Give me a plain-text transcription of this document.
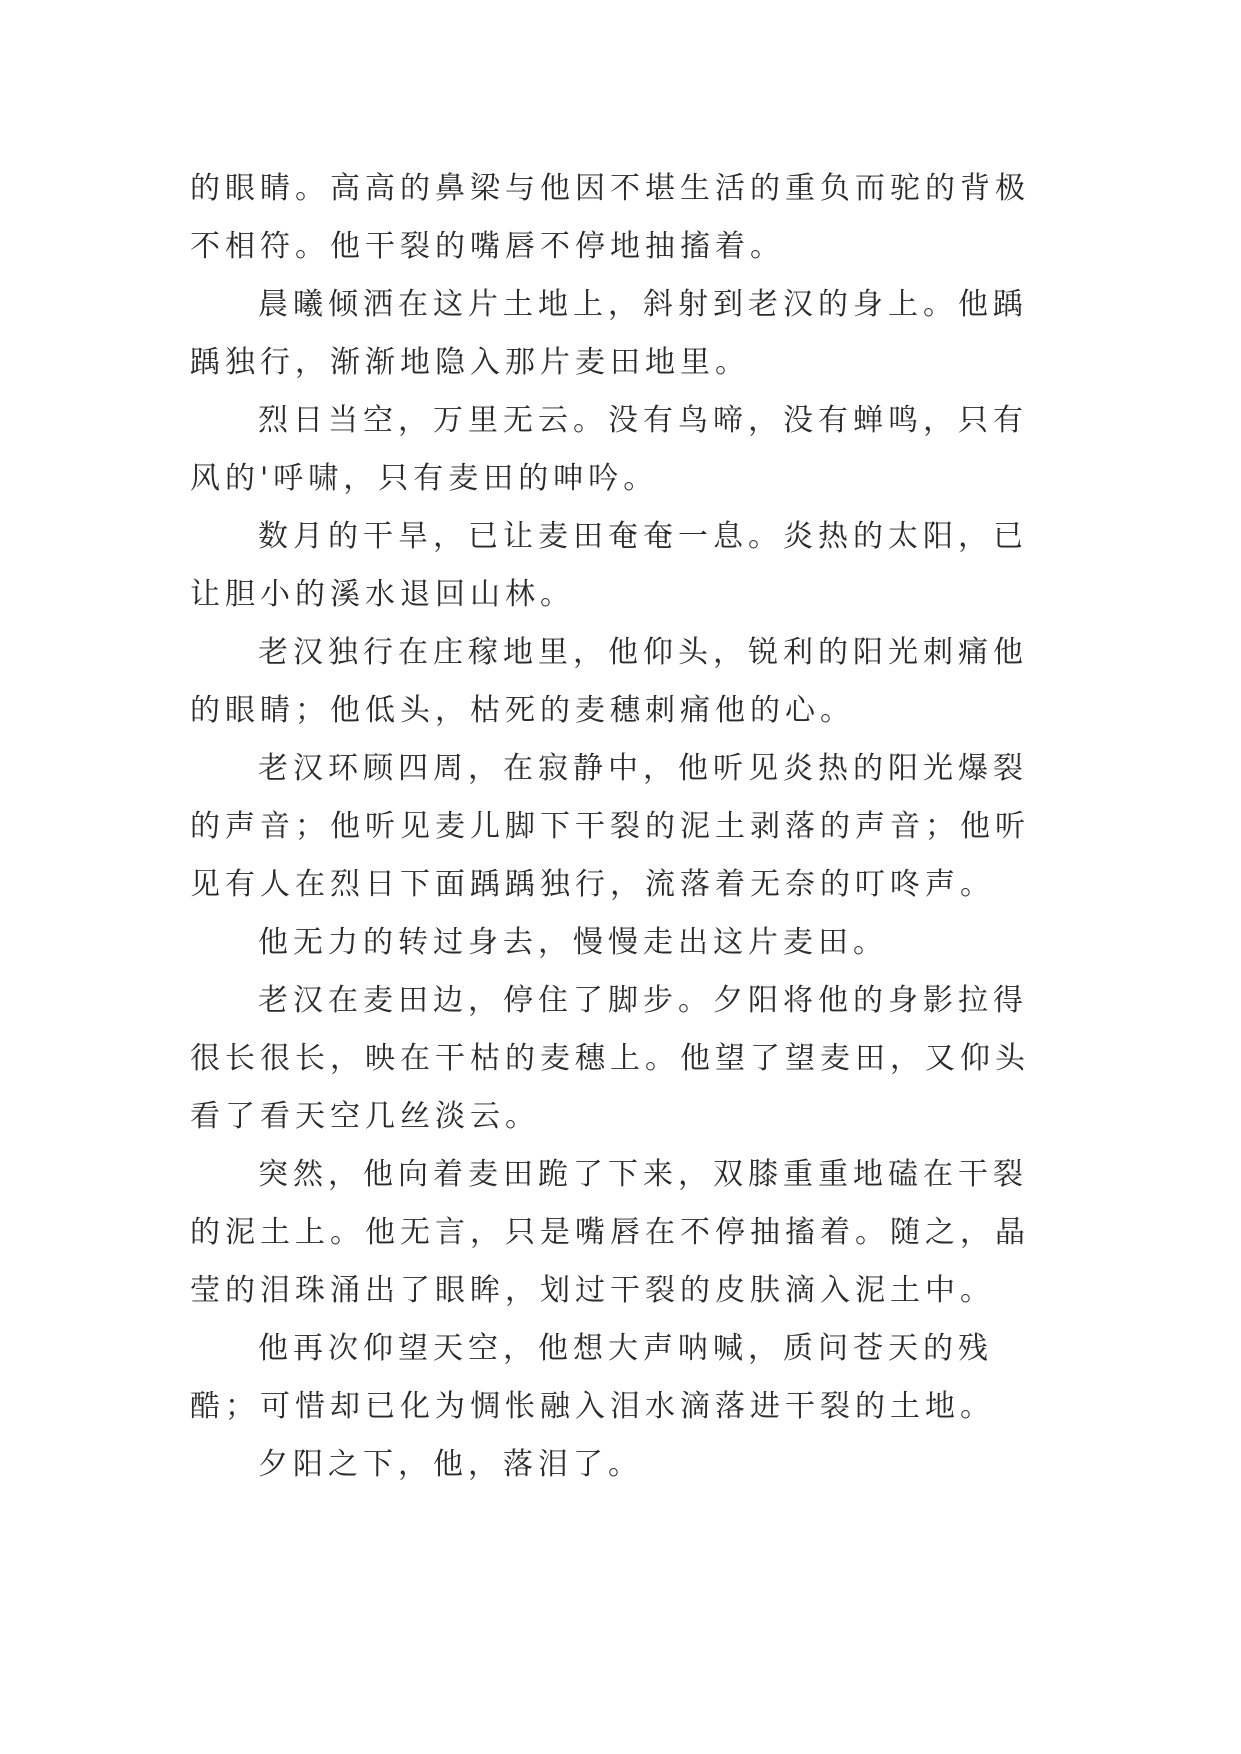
的眼睛。高高的鼻梁与他因不堪生活的重负而驼的背极不相符。他干裂的嘴唇不停地抽搐着。

晨曦倾洒在这片土地上，斜射到老汉的身上。他踽踽独行，渐渐地隐入那片麦田地里。

烈日当空，万里无云。没有鸟啼，没有蝉鸣，只有风的'呼啸，只有麦田的呻吟。

数月的干旱，已让麦田奄奄一息。炎热的太阳，已让胆小的溪水退回山林。

老汉独行在庄稼地里，他仰头，锐利的阳光刺痛他的眼睛；他低头，枯死的麦穗刺痛他的心。

老汉环顾四周，在寂静中，他听见炎热的阳光爆裂的声音；他听见麦儿脚下干裂的泥土剥落的声音；他听见有人在烈日下面踽踽独行，流落着无奈的叮咚声。

他无力的转过身去，慢慢走出这片麦田。

老汉在麦田边，停住了脚步。夕阳将他的身影拉得很长很长，映在干枯的麦穗上。他望了望麦田，又仰头看了看天空几丝淡云。

突然，他向着麦田跪了下来，双膝重重地磕在干裂的泥土上。他无言，只是嘴唇在不停抽搐着。随之，晶莹的泪珠涌出了眼眸，划过干裂的皮肤滴入泥土中。

他再次仰望天空，他想大声呐喊，质问苍天的残酷；可惜却已化为惆怅融入泪水滴落进干裂的土地。

夕阳之下，他，落泪了。
